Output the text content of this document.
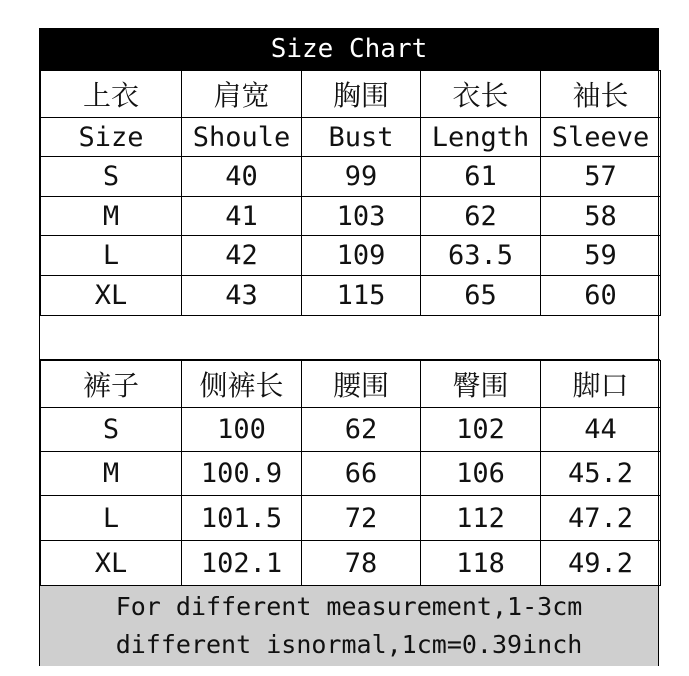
Size Chart
上衣	肩宽	胸围	衣长	袖长
Size	Shoule	Bust	Length	Sleeve
S	40	99	61	57
M	41	103	62	58
L	42	109	63.5	59
XL	43	115	65	60
裤子	侧裤长	腰围	臀围	脚口
S	100	62	102	44
M	100.9	66	106	45.2
L	101.5	72	112	47.2
XL	102.1	78	118	49.2
For different measurement,1-3cm
different isnormal,1cm=0.39inch
